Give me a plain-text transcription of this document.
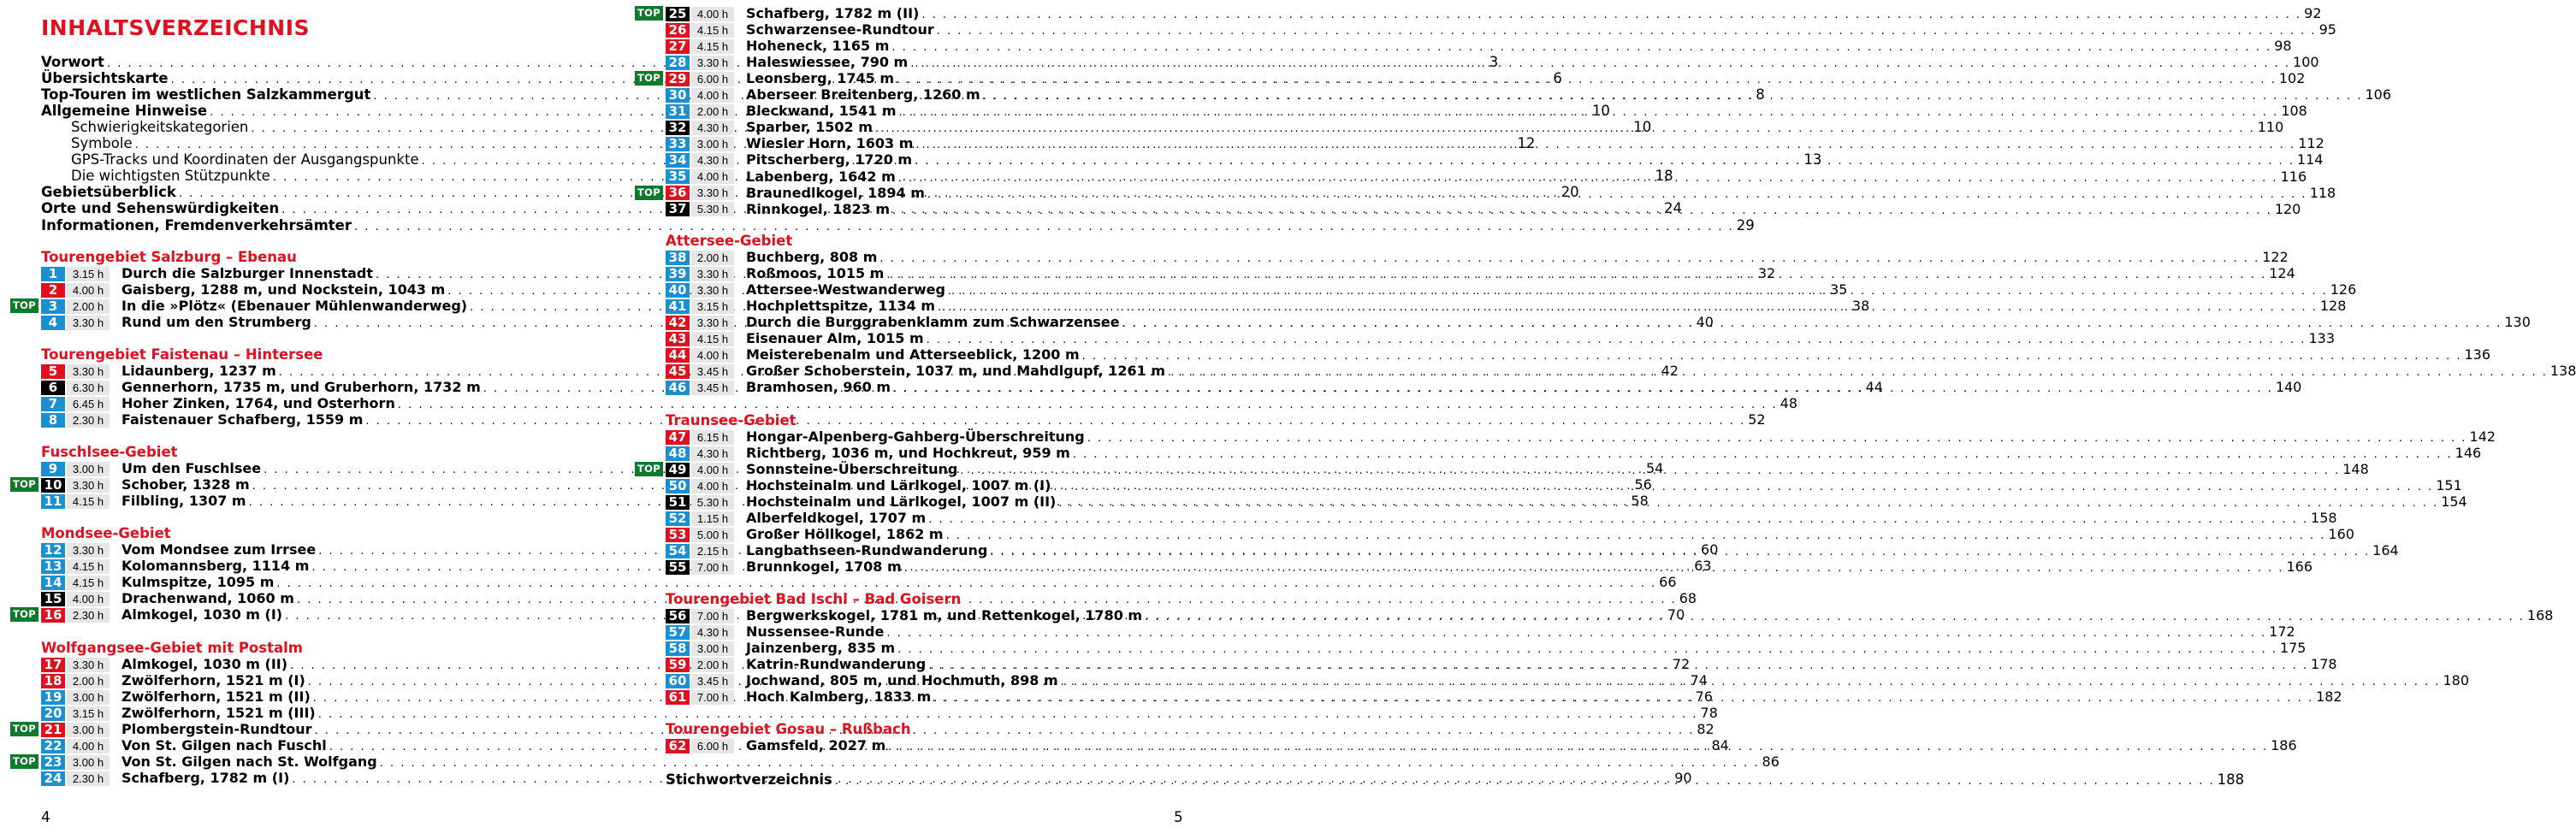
INHALTSVERZEICHNIS
Vorwort . . .	3
Übersichtskarte . . .	6
Top-Touren im westlichen Salzkammergut . . .	8
Allgemeine Hinweise . . .	10
Schwierigkeitskategorien . . .	10
Symbole . . .	12
GPS-Tracks und Koordinaten der Ausgangspunkte . . .	13
Die wichtigsten Stützpunkte . . .	18
Gebietsüberblick . . .	20
Orte und Sehenswürdigkeiten . . .	24
Informationen, Fremdenverkehrsämter . . .	29
Tourengebiet Salzburg – Ebenau
1	3.15 h	Durch die Salzburger Innenstadt . . .	32
2	4.00 h	Gaisberg, 1288 m, und Nockstein, 1043 m . . .	35
TOP 3	2.00 h	In die »Plötz« (Ebenauer Mühlenwanderweg) . . .	38
4	3.30 h	Rund um den Strumberg . . .	40
Tourengebiet Faistenau – Hintersee
5	3.30 h	Lidaunberg, 1237 m . . .	42
6	6.30 h	Gennerhorn, 1735 m, und Gruberhorn, 1732 m . . .	44
7	6.45 h	Hoher Zinken, 1764, und Osterhorn . . .	48
8	2.30 h	Faistenauer Schafberg, 1559 m . . .	52
Fuschlsee-Gebiet
9	3.00 h	Um den Fuschlsee . . .	54
TOP 10 3.30 h	Schober, 1328 m . . .	56
11 4.15 h	Filbling, 1307 m . . .	58
Mondsee-Gebiet
12 3.30 h	Vom Mondsee zum Irrsee . . .	60
13 4.15 h	Kolomannsberg, 1114 m . . .	63
14 4.15 h	Kulmspitze, 1095 m . . .	66
15 4.00 h	Drachenwand, 1060 m . . .	68
TOP 16 2.30 h	Almkogel, 1030 m (I) . . .	70
Wolfgangsee-Gebiet mit Postalm
17 3.30 h	Almkogel, 1030 m (II) . . .	72
18 2.00 h	Zwölferhorn, 1521 m (I) . . .	74
19 3.00 h	Zwölferhorn, 1521 m (II) . . .	76
20 3.15 h	Zwölferhorn, 1521 m (III) . . .	78
TOP 21 3.00 h	Plombergstein-Rundtour . . .	82
22 4.00 h	Von St. Gilgen nach Fuschl . . .	84
TOP 23 3.00 h	Von St. Gilgen nach St. Wolfgang . . .	86
24 2.30 h	Schafberg, 1782 m (I) . . .	90
4
TOP 25 4.00 h	Schafberg, 1782 m (II) . . .	92
26 4.15 h	Schwarzensee-Rundtour . . .	95
27 4.15 h	Hoheneck, 1165 m . . .	98
28 3.30 h	Haleswiessee, 790 m . . .	100
TOP 29 6.00 h	Leonsberg, 1745 m . . .	102
30 4.00 h	Aberseer Breitenberg, 1260 m . . .	106
31 2.00 h	Bleckwand, 1541 m . . .	108
32 4.30 h	Sparber, 1502 m . . .	110
33 3.00 h	Wiesler Horn, 1603 m . . .	112
34 4.30 h	Pitscherberg, 1720 m . . .	114
35 4.00 h	Labenberg, 1642 m . . .	116
TOP 36 3.30 h	Braunedlkogel, 1894 m . . .	118
37 5.30 h	Rinnkogel, 1823 m . . .	120
Attersee-Gebiet
38 2.00 h	Buchberg, 808 m . . .	122
39 3.30 h	Roßmoos, 1015 m . . .	124
40 3.30 h	Attersee-Westwanderweg . . .	126
41 3.15 h	Hochplettspitze, 1134 m . . .	128
42 3.30 h	Durch die Burggrabenklamm zum Schwarzensee . . .	130
43 4.15 h	Eisenauer Alm, 1015 m . . .	133
44 4.00 h	Meisterebenalm und Atterseeblick, 1200 m . . .	136
45 3.45 h	Großer Schoberstein, 1037 m, und Mahdlgupf, 1261 m . . .	138
46 3.45 h	Bramhosen, 960 m . . .	140
Traunsee-Gebiet
47 6.15 h	Hongar-Alpenberg-Gahberg-Überschreitung . . .	142
48 4.30 h	Richtberg, 1036 m, und Hochkreut, 959 m . . .	146
TOP 49 4.00 h	Sonnsteine-Überschreitung . . .	148
50 4.00 h	Hochsteinalm und Lärlkogel, 1007 m (I) . . .	151
51 5.30 h	Hochsteinalm und Lärlkogel, 1007 m (II) . . .	154
52 1.15 h	Alberfeldkogel, 1707 m . . .	158
53 5.00 h	Großer Höllkogel, 1862 m . . .	160
54 2.15 h	Langbathseen-Rundwanderung . . .	164
55 7.00 h	Brunnkogel, 1708 m . . .	166
Tourengebiet Bad Ischl – Bad Goisern
56 7.00 h	Bergwerkskogel, 1781 m, und Rettenkogel, 1780 m . . .	168
57 4.30 h	Nussensee-Runde . . .	172
58 3.00 h	Jainzenberg, 835 m . . .	175
59 2.00 h	Katrin-Rundwanderung . . .	178
60 3.45 h	Jochwand, 805 m, und Hochmuth, 898 m . . .	180
61 7.00 h	Hoch Kalmberg, 1833 m . . .	182
Tourengebiet Gosau – Rußbach
62 6.00 h	Gamsfeld, 2027 m . . .	186
Stichwortverzeichnis . . .	188
5
